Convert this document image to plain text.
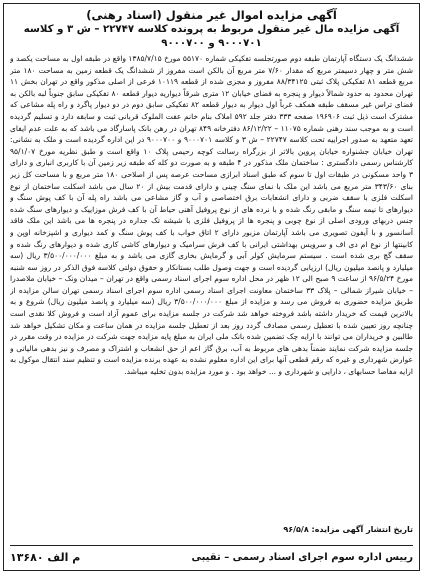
آگهی مزایده اموال غیر منقول (اسناد رهنی)

آگهی مزایده مال غیر منقول مربوط به پرونده کلاسه ۲۲۷۴۷ – ش ۳ و کلاسه ۹۰۰۰۷۰۱ و ۹۰۰۰۷۰۰

ششدانگ یک دستگاه آپارتمان طبقه دوم صورتجلسه تفکیکی شماره ۵۵۱۷۰ مورخ ۱۳۸۵/۷/۱۵ واقع در طبقه اول به مساحت یکصد و شش متر و چهار دسیمتر مربع که مقدار ۷/۶۰ متر مربع آن بالکن است مفروز از ششدانگ یک قطعه زمین به مساحت ۱۸۰ متر مربع قطعه ۸۱ تفکیکی پلاک ثبتی ۸۸/۳۴۱۲۵ مفروز و مجزی شده از قطعه ۱۰۱۱۹ فرعی از اصلی مذکور واقع در تهران بخش ۱۱ تهران محدود به حدود شمالاً دیوار و پنجره به فضای خیابان ۱۲ متری شرقاً دیواریه دیوار قطعه ۸۰ تفکیکی سابق جنوباً لبه بالکن به فضای تراس غیر مسقف طبقه همکف غرباً اول دیوار به دیوار قطعه ۸۲ تفکیکی سابق دوم در دو دیوار پاگرد و راه پله مشاعی که مشترک است ذیل ثبت ۱۹۶۹۰۶ صفحه ۳۳۳ دفتر جلد ۵۹۲ املاک بنام خانم عفت الملوک قربانی ثبت و سابقه دارد و تسلیم گردیده است و به موجب سند رهنی شماره ۱۱۰۷۵ – ۸۶/۱۲/۲۲ دفترخانه ۸۴۹ تهران در رهن بانک پاسارگاد می باشد که به علت عدم ایفای تعهد متعهد به صدور اجراییه تحت کلاسه ۲۲۷۴۷ – ش ۳ و کلاسه ۹۰۰۰۷۰۱ و ۹۰۰۰۷۰۰ در این اداره گردیده است و ملک به نشانی: تهران خیابان جشنواره خیابان پروین بالاتر از بزرگراه رسالت کوچه رحیمی پلاک ۱۰ واقع است و طبق نظریه مورخ ۹۵/۱/۰۷ کارشناس رسمی دادگستری : ساختمان ملک مذکور در ۴ طبقه و به صورت دو کله که طبقه زیر زمین آن با کاربری انباری و دارای ۳ واحد مسکونی در طبقات اول تا سوم که طبق اسناد ابرازی مساحت عرصه پس از اصلاحی ۱۸۰ متر مربع و با مساحت کل زیر بنای ۳۴۳/۶۰ متر مربع می باشد این ملک با نمای سنگ چینی و دارای قدمت بیش از ۲۰ سال می باشد اسکلت ساختمان از نوع اسکلت فلزی با سقف ضربی و دارای انشعابات برق اختصاصی و آب و گاز مشاعی می باشد راه پله آن با کف پوش سنگ و دیوارهای تا نیمه سنگ و مابقی رنگ شده و با نرده های از نوع پروفیل آهنی حیاط آن با کف فرش موزاییک و دیوارهای سنگ شده جنس دربهای ورودی اصلی از نوع چوبی و پنجره ها از پروفیل فلزی با شیشه تک جداره در پنجره ها می باشد این ملک فاقد آسانسور و با آیفون تصویری می باشد آپارتمان مزبور دارای ۲ اتاق خواب با کف پوش سنگ و کمد دیواری و اشپزخانه اوپن و کابینتها از نوع ام دی اف و سرویس بهداشتی ایرانی با کف فرش سرامیک و دیوارهای کاشی کاری شده و دیوارهای رنگ شده و سقف گچ بری شده است . سیستم سرمایش کولر آبی و گرمایش بخاری گازی می باشد و به مبلغ ۳/۵۰۰/۰۰۰/۰۰۰ ریال (سه میلیارد و پانصد میلیون ریال) ارزیابی گردیده است و جهت وصول طلب بستانکار و حقوق دولتی کلاسه فوق الذکر در روز سه شنبه مورخ ۹۶/۵/۲۴ از ساعت ۹ صبح الی ۱۲ ظهر در محل اداره سوم اجرای اسناد رسمی واقع در تهران – میدان ونک – خیابان ملاصدرا – خیابان شیراز شمالی – پلاک ۳۳ ساختمان معاونت اجرای اسناد رسمی اداره سوم اجرای اسناد رسمی تهران سالن مزایده از طریق مزایده حضوری به فروش می رسد و مزایده از مبلغ ۳/۵۰۰/۰۰۰/۰۰۰ ریال (سه میلیارد و پانصد میلیون ریال) شروع و به بالاترین قیمت که خریدار داشته باشد فروخته خواهد شد شرکت در جلسه مزایده برای عموم آزاد است و فروش کلا نقدی است چنانچه روز تعیین شده با تعطیل رسمی مصادف گردد روز بعد از تعطیل جلسه مزایده در همان ساعت و مکان تشکیل خواهد شد طالبین و خریداران می توانند با ارایه چک تضمین شده بانک ملی ایران به مبلغ پایه مزایده جهت شرکت در مزایده در وقت مقرر در جلسه مزایده شرکت نمایند ضمناً بدهی های مربوط به آب، برق گاز اعم از حق انشعاب و اشتراک و مصرف و نیز بدهی مالیاتی و عوارض شهرداری و غیره که رقم قطعی آنها برای این اداره معلوم نشده به عهده برنده مزایده است و تنظیم سند انتقال موکول به ارایه مفاصا حسابهای ، دارایی و شهرداری و ... خواهد بود . و مورد مزایده بدون تخلیه میباشد.

تاریخ انتشار آگهی مزایده: ۹۶/۵/۸

رییس اداره سوم اجرای اسناد رسمی – تقیبی
م الف ۱۳۶۸۰
